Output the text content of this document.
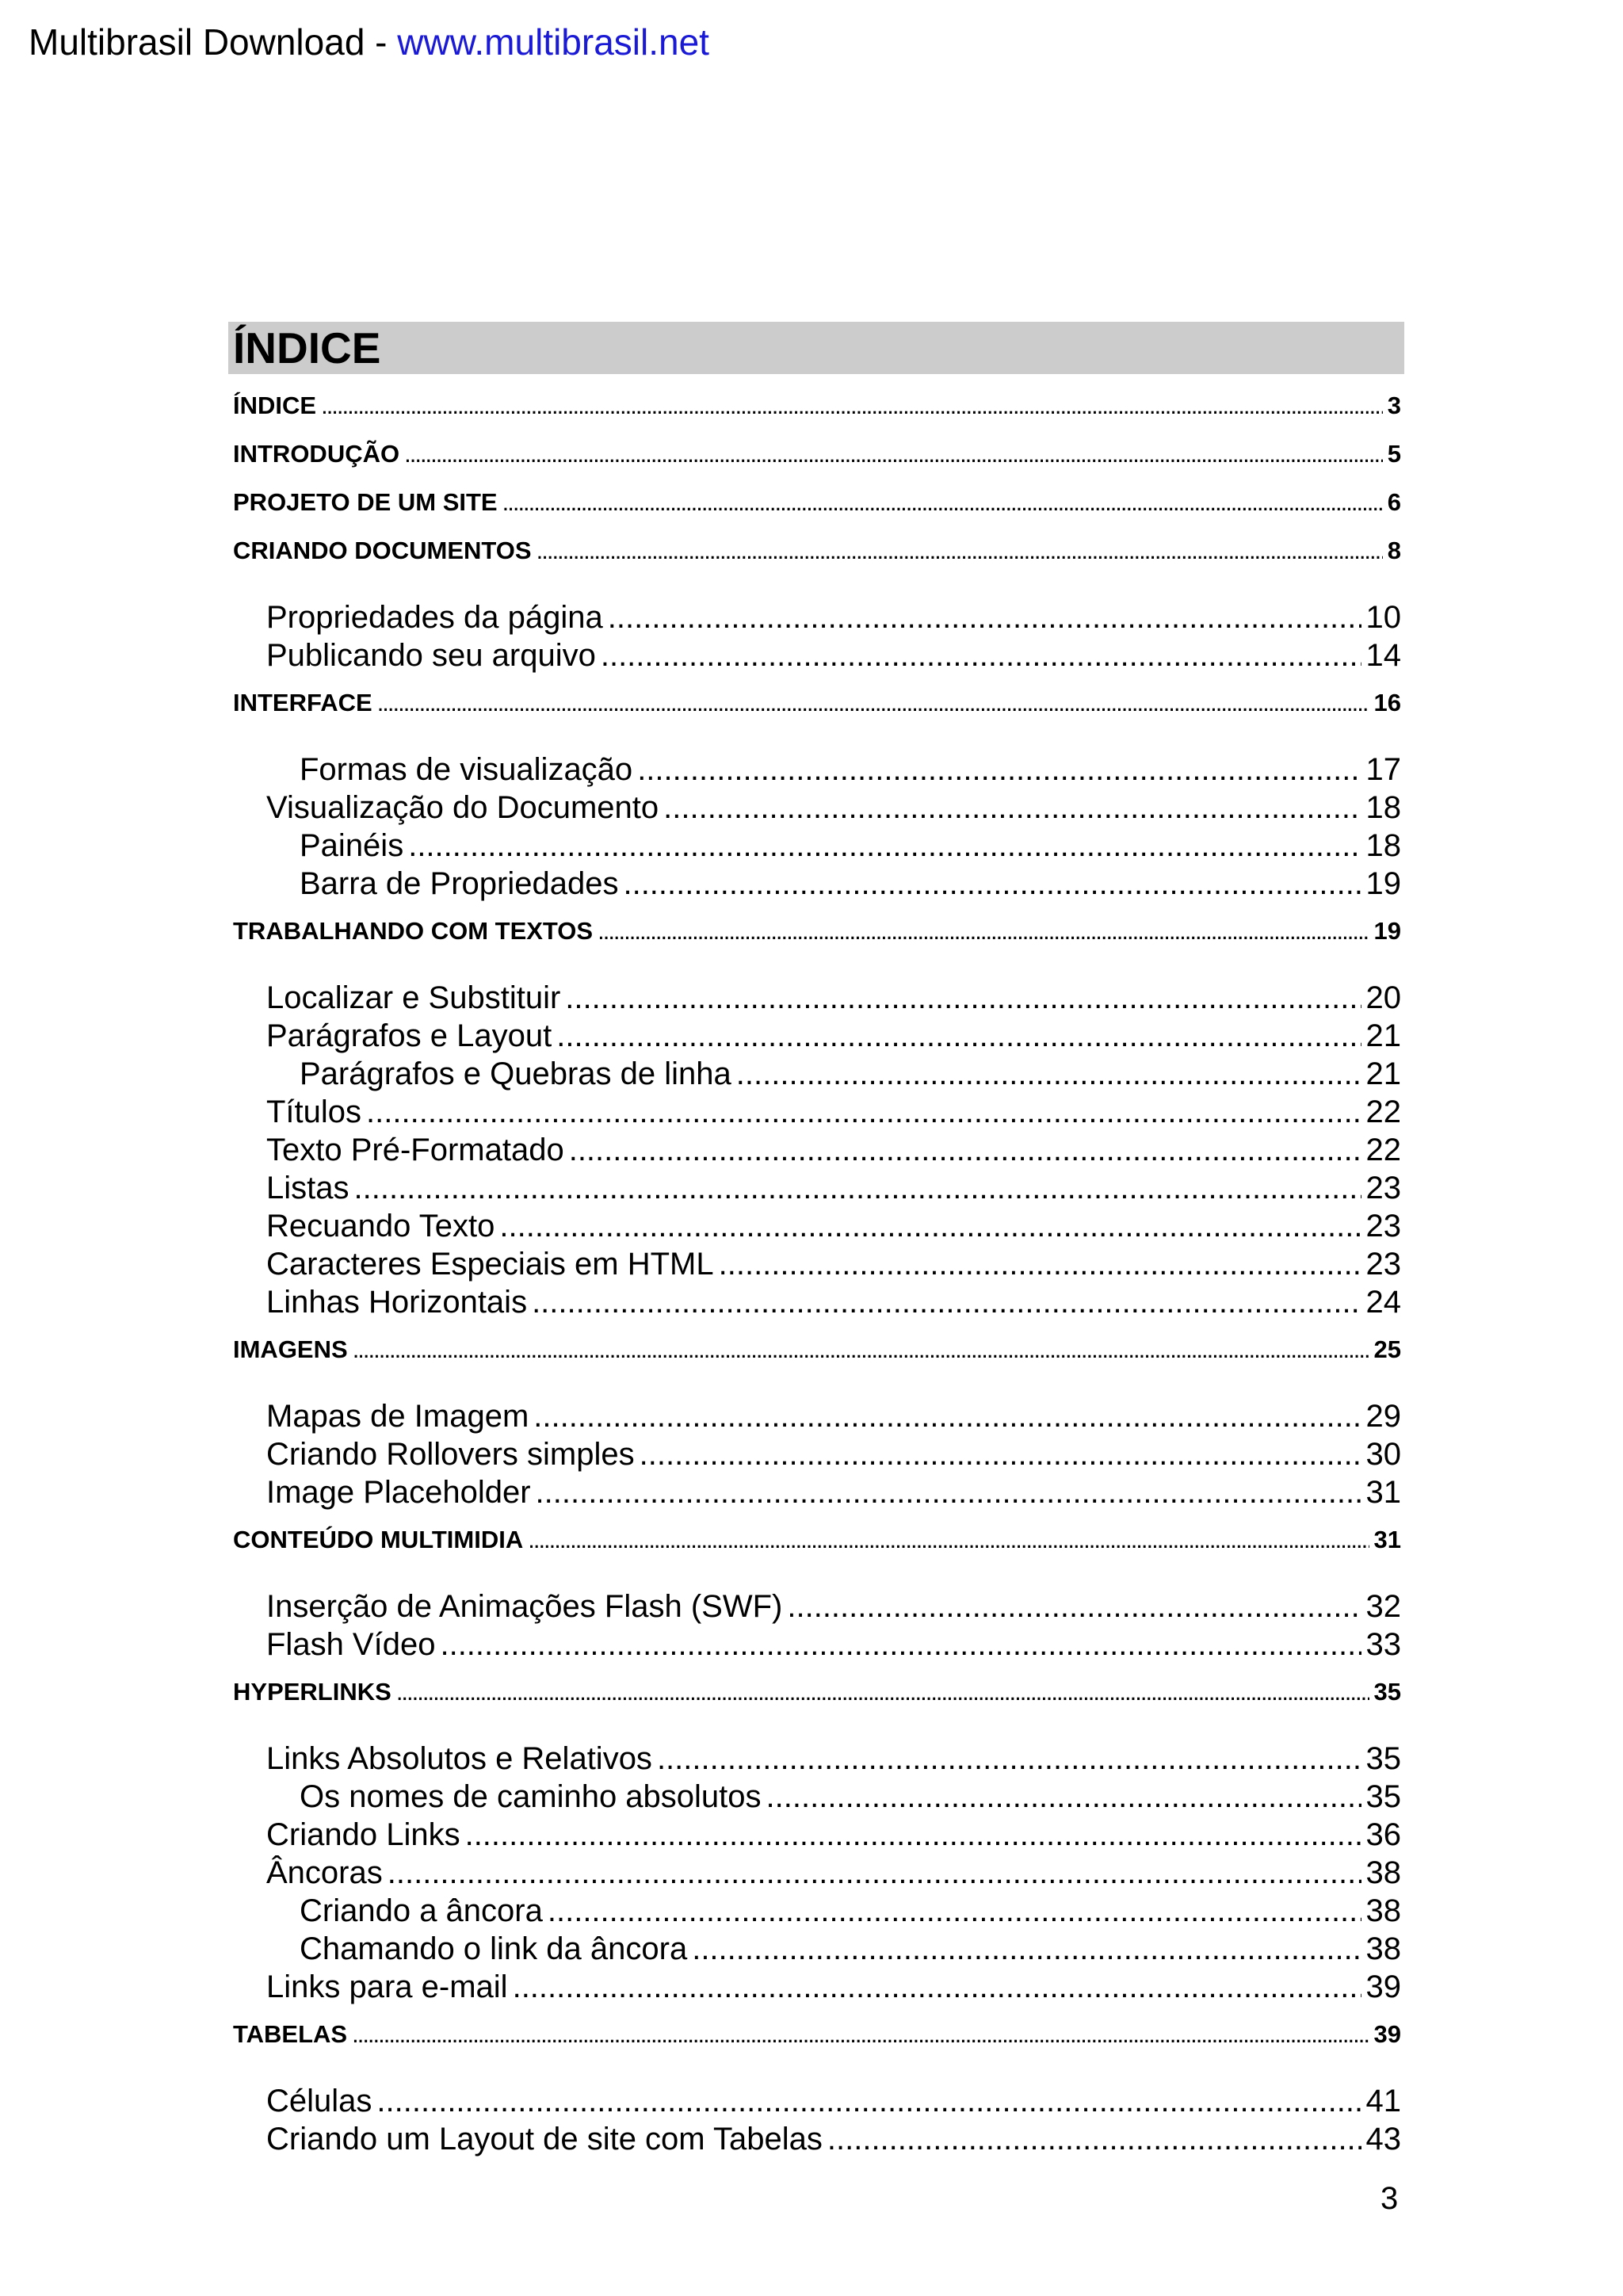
Multibrasil Download - www.multibrasil.net
ÍNDICE
ÍNDICE .....	3
INTRODUÇÃO .....	5
PROJETO DE UM SITE .....	6
CRIANDO DOCUMENTOS .....	8
Propriedades da página .....	10
Publicando seu arquivo .....	14
INTERFACE .....	16
Formas de visualização .....	17
Visualização do Documento .....	18
Painéis .....	18
Barra de Propriedades .....	19
TRABALHANDO COM TEXTOS .....	19
Localizar e Substituir .....	20
Parágrafos e Layout .....	21
Parágrafos e Quebras de linha .....	21
Títulos .....	22
Texto Pré-Formatado .....	22
Listas .....	23
Recuando Texto .....	23
Caracteres Especiais em HTML .....	23
Linhas Horizontais .....	24
IMAGENS .....	25
Mapas de Imagem .....	29
Criando Rollovers simples .....	30
Image Placeholder .....	31
CONTEÚDO MULTIMIDIA .....	31
Inserção de Animações Flash (SWF) .....	32
Flash Vídeo .....	33
HYPERLINKS .....	35
Links Absolutos e Relativos .....	35
Os nomes de caminho absolutos .....	35
Criando Links .....	36
Âncoras .....	38
Criando a âncora .....	38
Chamando o link da âncora .....	38
Links para e-mail .....	39
TABELAS .....	39
Células .....	41
Criando um Layout de site com Tabelas .....	43
3
